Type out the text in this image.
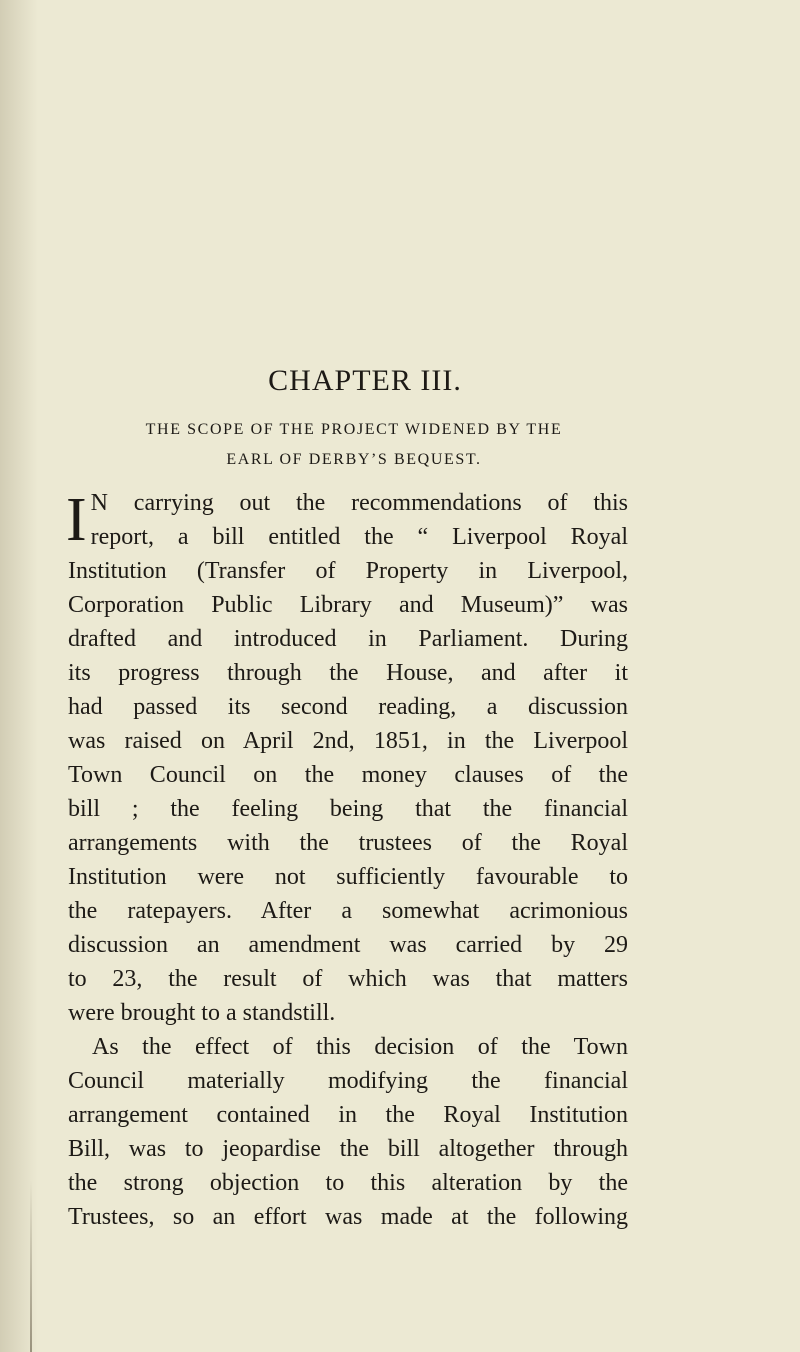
CHAPTER III.
THE SCOPE OF THE PROJECT WIDENED BY THE
EARL OF DERBY’S BEQUEST.
I N carrying out the recommendations of this
report, a bill entitled the “ Liverpool Royal
Institution (Transfer of Property in Liverpool,
Corporation Public Library and Museum)” was
drafted and introduced in Parliament. During
its progress through the House, and after it
had passed its second reading, a discussion
was raised on April 2nd, 1851, in the Liverpool
Town Council on the money clauses of the
bill ; the feeling being that the financial
arrangements with the trustees of the Royal
Institution were not sufficiently favourable to
the ratepayers. After a somewhat acrimonious
discussion an amendment was carried by 29
to 23, the result of which was that matters
were brought to a standstill.
As the effect of this decision of the Town
Council materially modifying the financial
arrangement contained in the Royal Institution
Bill, was to jeopardise the bill altogether through
the strong objection to this alteration by the
Trustees, so an effort was made at the following
